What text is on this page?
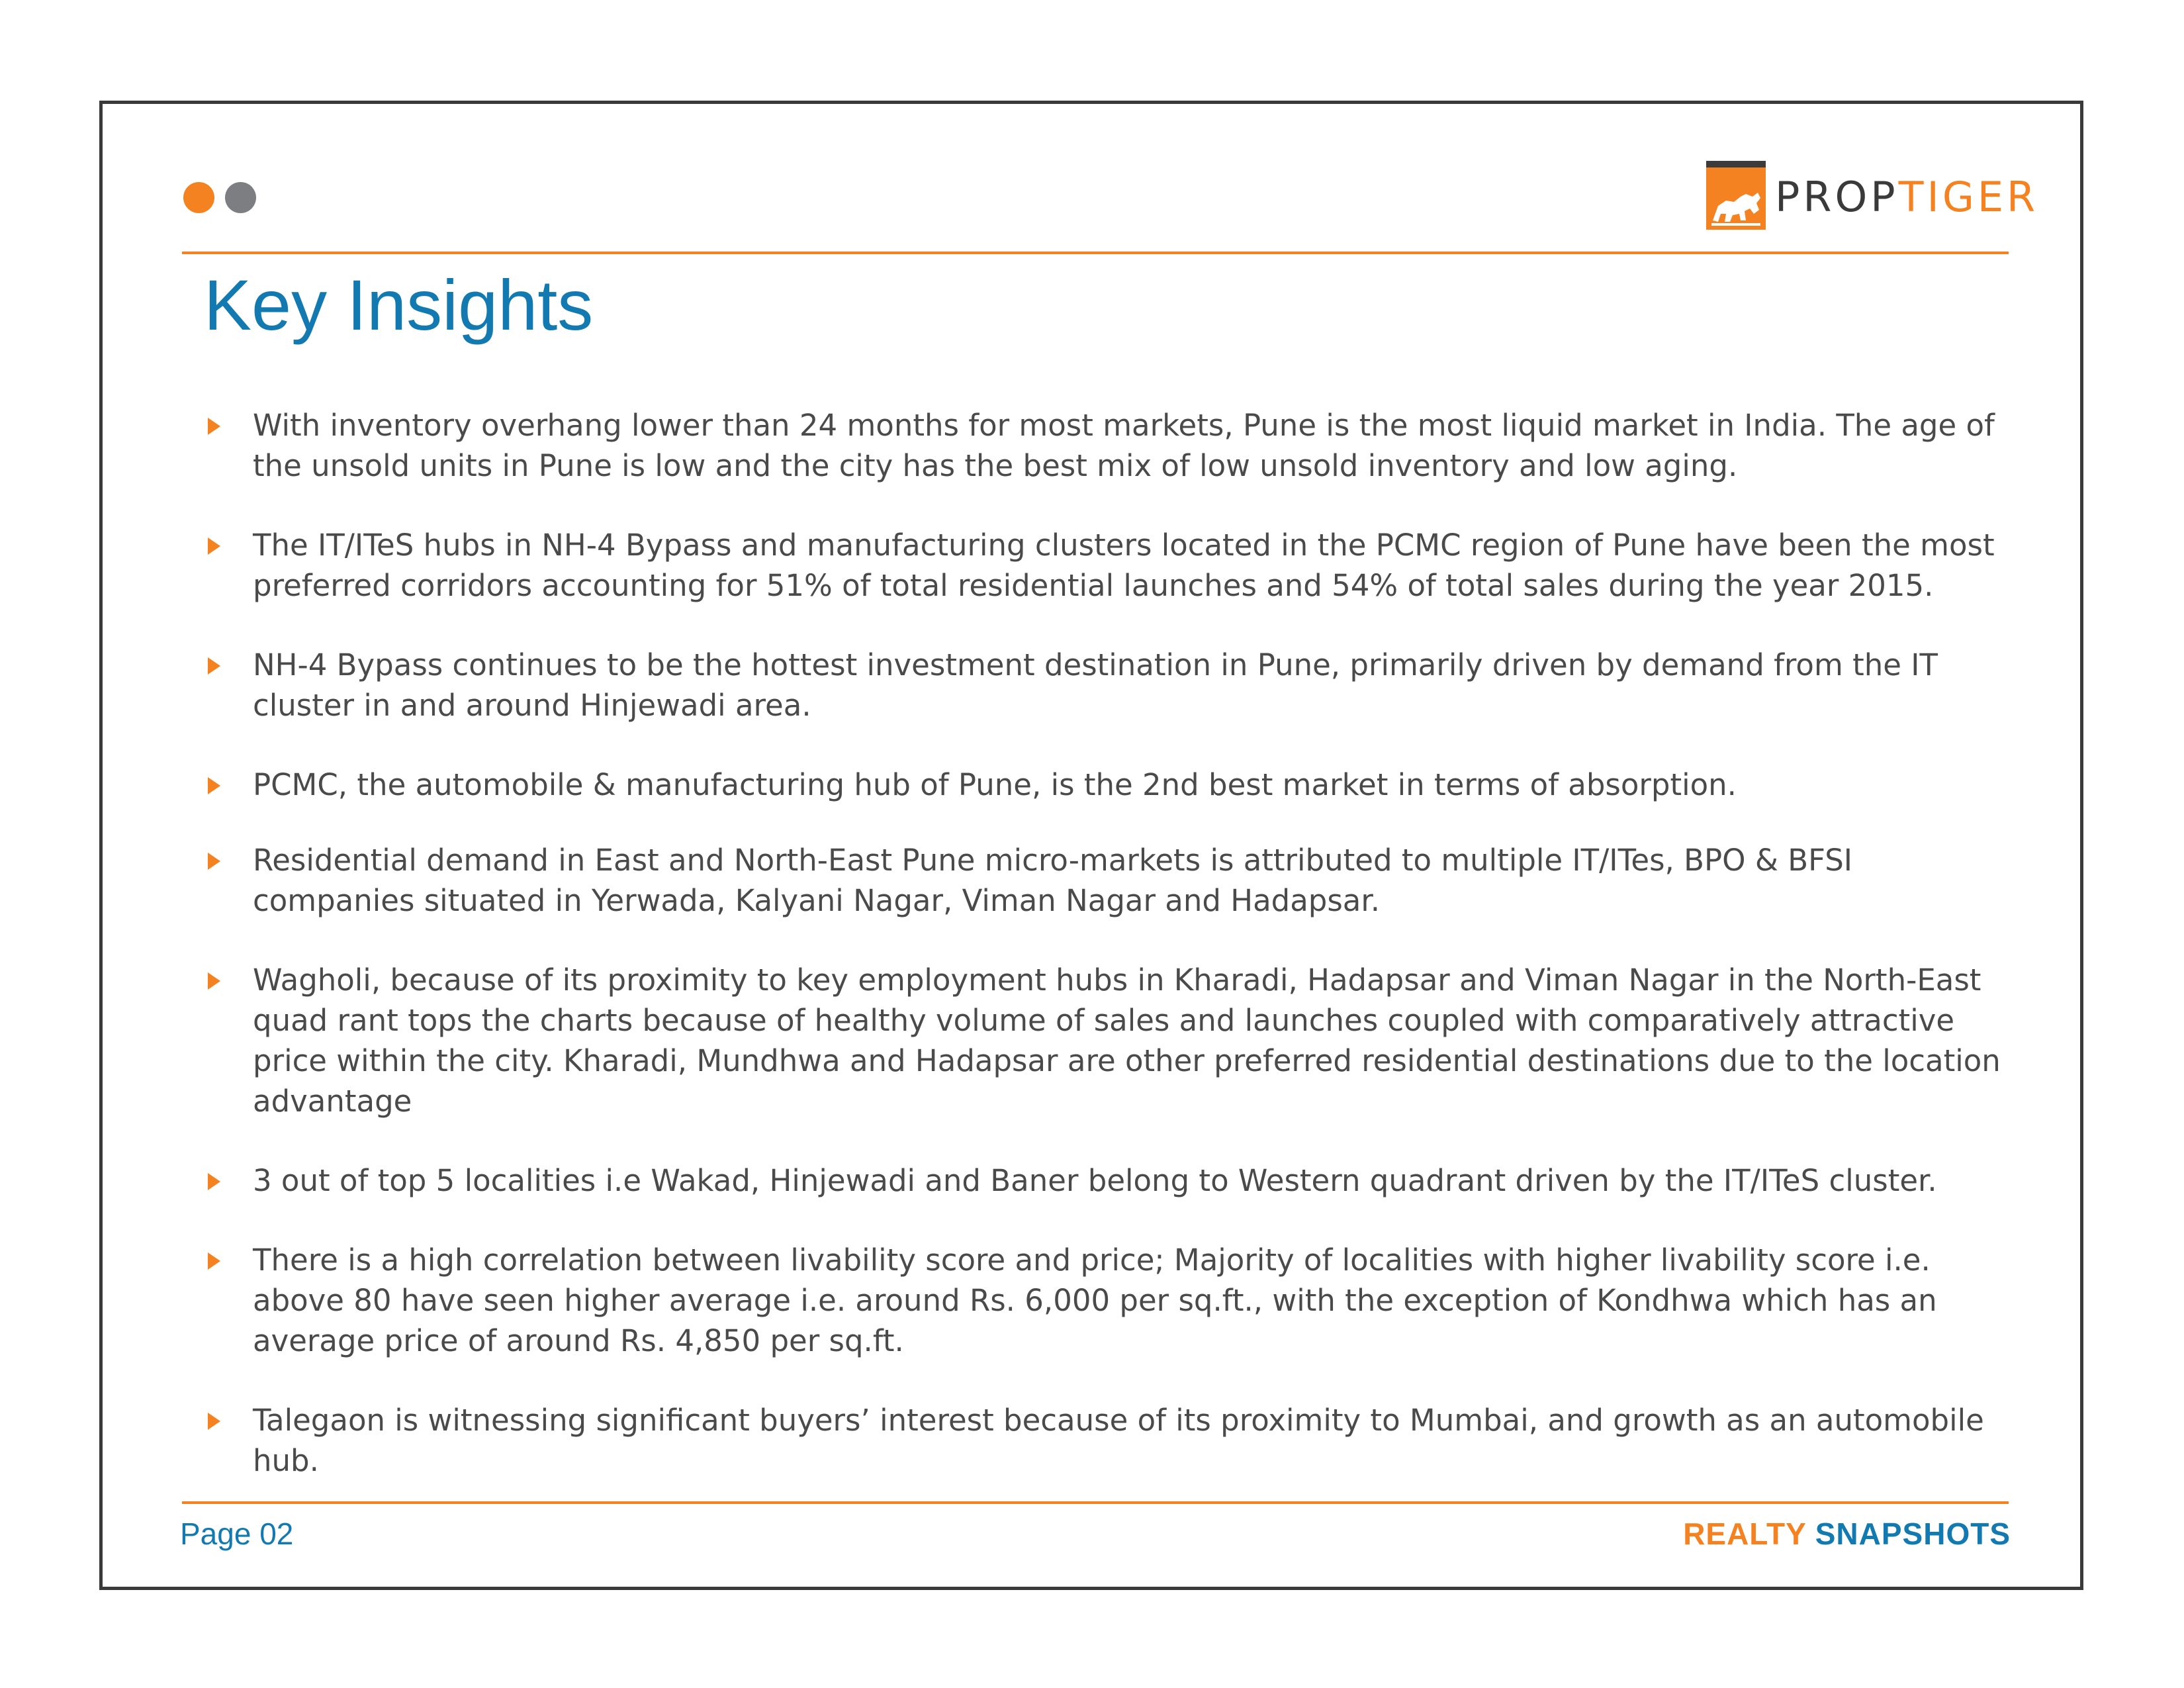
PROPTIGER
Key Insights
With inventory overhang lower than 24 months for most markets, Pune is the most liquid market in India. The age of the unsold units in Pune is low and the city has the best mix of low unsold inventory and low aging.
The IT/ITeS hubs in NH-4 Bypass and manufacturing clusters located in the PCMC region of Pune have been the most preferred corridors accounting for 51% of total residential launches and 54% of total sales during the year 2015.
NH-4 Bypass continues to be the hottest investment destination in Pune, primarily driven by demand from the IT cluster in and around Hinjewadi area.
PCMC, the automobile & manufacturing hub of Pune, is the 2nd best market in terms of absorption.
Residential demand in East and North-East Pune micro-markets is attributed to multiple IT/ITes, BPO & BFSI companies situated in Yerwada, Kalyani Nagar, Viman Nagar and Hadapsar.
Wagholi, because of its proximity to key employment hubs in Kharadi, Hadapsar and Viman Nagar in the North-East quad rant tops the charts because of healthy volume of sales and launches coupled with comparatively attractive price within the city. Kharadi, Mundhwa and Hadapsar are other preferred residential destinations due to the location advantage
3 out of top 5 localities i.e Wakad, Hinjewadi and Baner belong to Western quadrant driven by the IT/ITeS cluster.
There is a high correlation between livability score and price; Majority of localities with higher livability score i.e. above 80 have seen higher average i.e. around Rs. 6,000 per sq.ft., with the exception of Kondhwa which has an average price of around Rs. 4,850 per sq.ft.
Talegaon is witnessing significant buyers’ interest because of its proximity to Mumbai, and growth as an automobile hub.
Page 02	REALTY SNAPSHOTS
